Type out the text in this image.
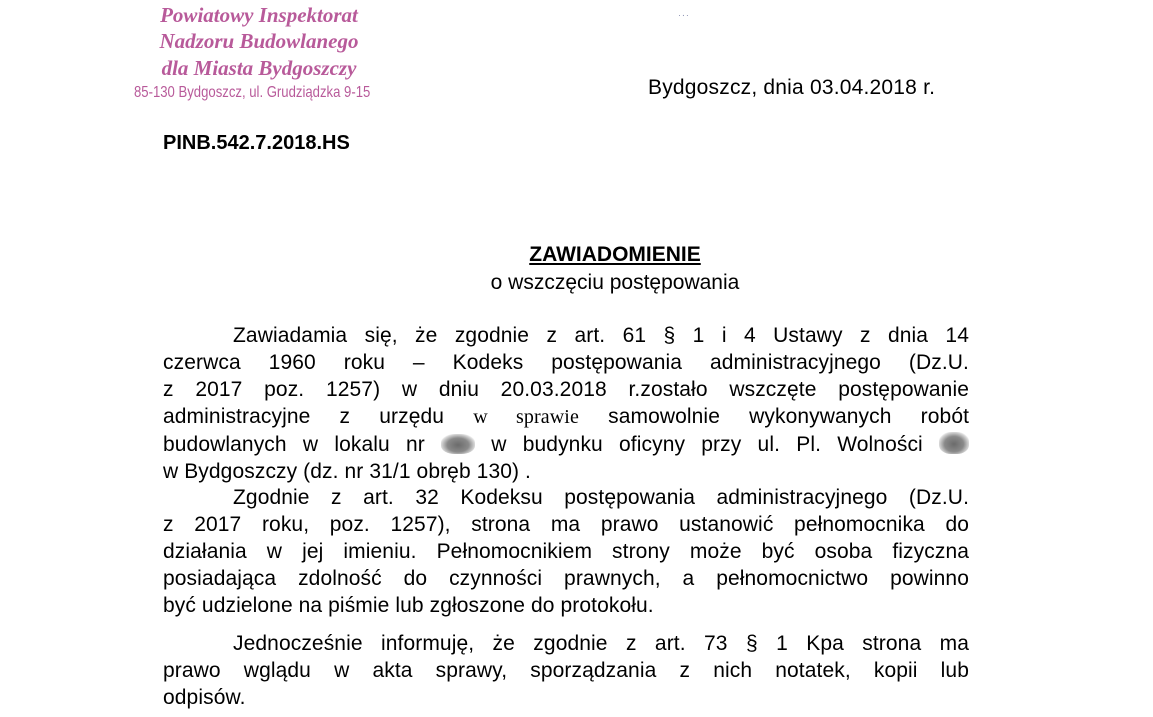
Powiatowy Inspektorat
Nadzoru Budowlanego
dla Miasta Bydgoszczy
85-130 Bydgoszcz, ul. Grudziądzka 9-15
·٠·
Bydgoszcz, dnia 03.04.2018 r.
PINB.542.7.2018.HS
ZAWIADOMIENIE
o wszczęciu postępowania
Zawiadamia się, że zgodnie z art. 61 § 1 i 4 Ustawy z dnia 14
czerwca 1960 roku – Kodeks postępowania administracyjnego (Dz.U.
z 2017 poz. 1257) w dniu 20.03.2018 r.zostało wszczęte postępowanie
administracyjne z urzędu w sprawie samowolnie wykonywanych robót
budowlanych w lokalu nr	w budynku oficyny przy ul. Pl. Wolności
w Bydgoszczy (dz. nr 31/1 obręb 130) .
Zgodnie z art. 32 Kodeksu postępowania administracyjnego (Dz.U.
z 2017 roku, poz. 1257), strona ma prawo ustanowić pełnomocnika do
działania w jej imieniu. Pełnomocnikiem strony może być osoba fizyczna
posiadająca zdolność do czynności prawnych, a pełnomocnictwo powinno
być udzielone na piśmie lub zgłoszone do protokołu.
Jednocześnie informuję, że zgodnie z art. 73 § 1 Kpa strona ma
prawo wglądu w akta sprawy, sporządzania z nich notatek, kopii lub
odpisów.
